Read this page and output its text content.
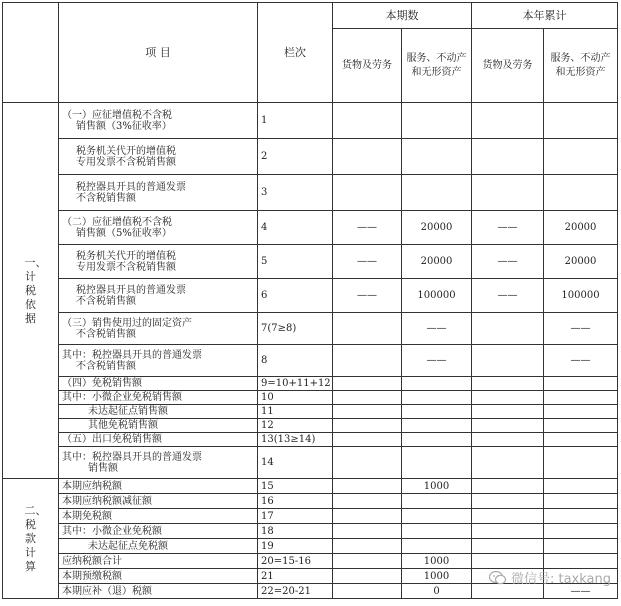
	项 目	栏次	本期数		本年累计	
			货物及劳务	服务、不动产
和无形资产	货物及劳务	服务、不动产
和无形资产
一、计税依据	（一）应征增值税不含税
销售额（3%征收率）	1				

	税务机关代开的增值税
专用发票不含税销售额	2				

	税控器具开具的普通发票
不含税销售额	3				
	（二）应征增值税不含税
销售额（5%征收率）	4	——	20000	——	20000

	税务机关代开的增值税
专用发票不含税销售额	5	——	20000	——	20000

	税控器具开具的普通发票
不含税销售额	6	——	100000	——	100000
	（三）销售使用过的固定资产
不含税销售额	7(7≥8)		——		——
	其中：税控器具开具的普通发票
不含税销售额	8		——		——
	（四）免税销售额	9=10+11+12				
	其中：小微企业免税销售额	10				

	未达起征点销售额	11				

	其他免税销售额	12				
	（五）出口免税销售额	13(13≥14)				
	其中：税控器具开具的普通发票
销售额	14				
二、税款计算	本期应纳税额	15		1000		
	本期应纳税额减征额	16				
	本期免税额	17				
	其中：小微企业免税额	18				

	未达起征点免税额	19				
	应纳税额合计	20=15-16		1000		
	本期预缴税额	21		1000		
	本期应补（退）税额	22=20-21		0		——
微信号: taxkang
